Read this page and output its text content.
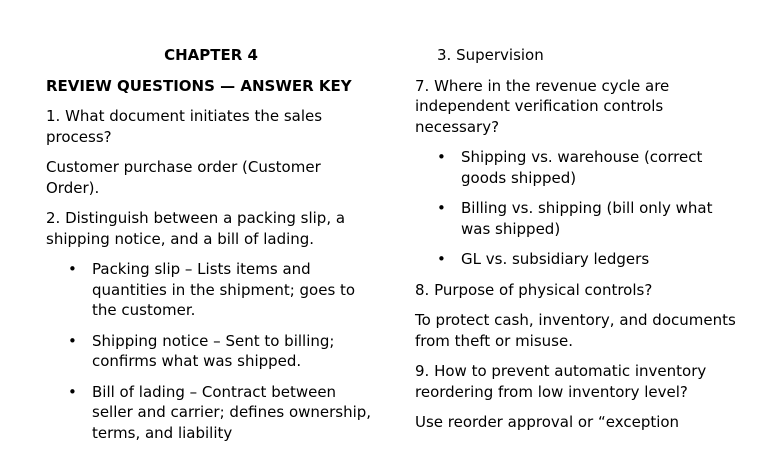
CHAPTER 4
REVIEW QUESTIONS — ANSWER KEY

1. What document initiates the sales process?

Customer purchase order (Customer Order).

2. Distinguish between a packing slip, a shipping notice, and a bill of lading.

• Packing slip – Lists items and quantities in the shipment; goes to the customer.
• Shipping notice – Sent to billing; confirms what was shipped.
• Bill of lading – Contract between seller and carrier; defines ownership, terms, and liability
3. Supervision

7. Where in the revenue cycle are independent verification controls necessary?

• Shipping vs. warehouse (correct goods shipped)
• Billing vs. shipping (bill only what was shipped)
• GL vs. subsidiary ledgers

8. Purpose of physical controls?

To protect cash, inventory, and documents from theft or misuse.

9. How to prevent automatic inventory reordering from low inventory level?

Use reorder approval or “exception
